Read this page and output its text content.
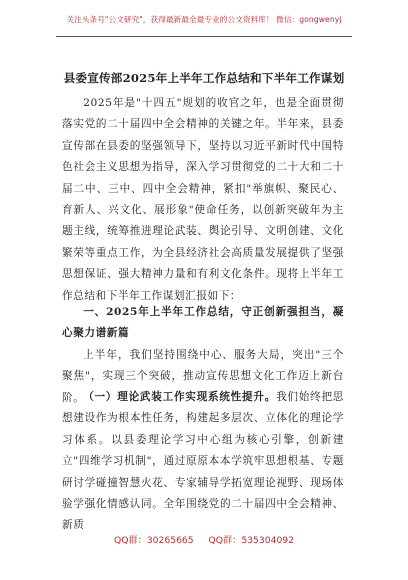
关注头条号"公文研究"，获得最新最全最专业的公文资料库！ 微信：gongwenyj
县委宣传部2025年上半年工作总结和下半年工作谋划
2025年是"十四五"规划的收官之年，也是全面贯彻落实党的二十届四中全会精神的关键之年。半年来，县委宣传部在县委的坚强领导下，坚持以习近平新时代中国特色社会主义思想为指导，深入学习贯彻党的二十大和二十届二中、三中、四中全会精神，紧扣"举旗帜、聚民心、育新人、兴文化、展形象"使命任务，以创新突破年为主题主线，统筹推进理论武装、舆论引导、文明创建、文化繁荣等重点工作，为全县经济社会高质量发展提供了坚强思想保证、强大精神力量和有利文化条件。现将上半年工作总结和下半年工作谋划汇报如下：
一、2025年上半年工作总结，守正创新强担当，凝心聚力谱新篇
上半年，我们坚持围绕中心、服务大局，突出"三个聚焦"，实现三个突破，推动宣传思想文化工作迈上新台阶。
（一）理论武装工作实现系统性提升。我们始终把思想建设作为根本性任务，构建起多层次、立体化的理论学习体系。以县委理论学习中心组为核心引擎，创新建立"四维学习机制"，通过原原本本学筑牢思想根基、专题研讨学碰撞智慧火花、专家辅导学拓宽理论视野、现场体验学强化情感认同。全年围绕党的二十届四中全会精神、新质
QQ群：30265665 QQ群：535304092
